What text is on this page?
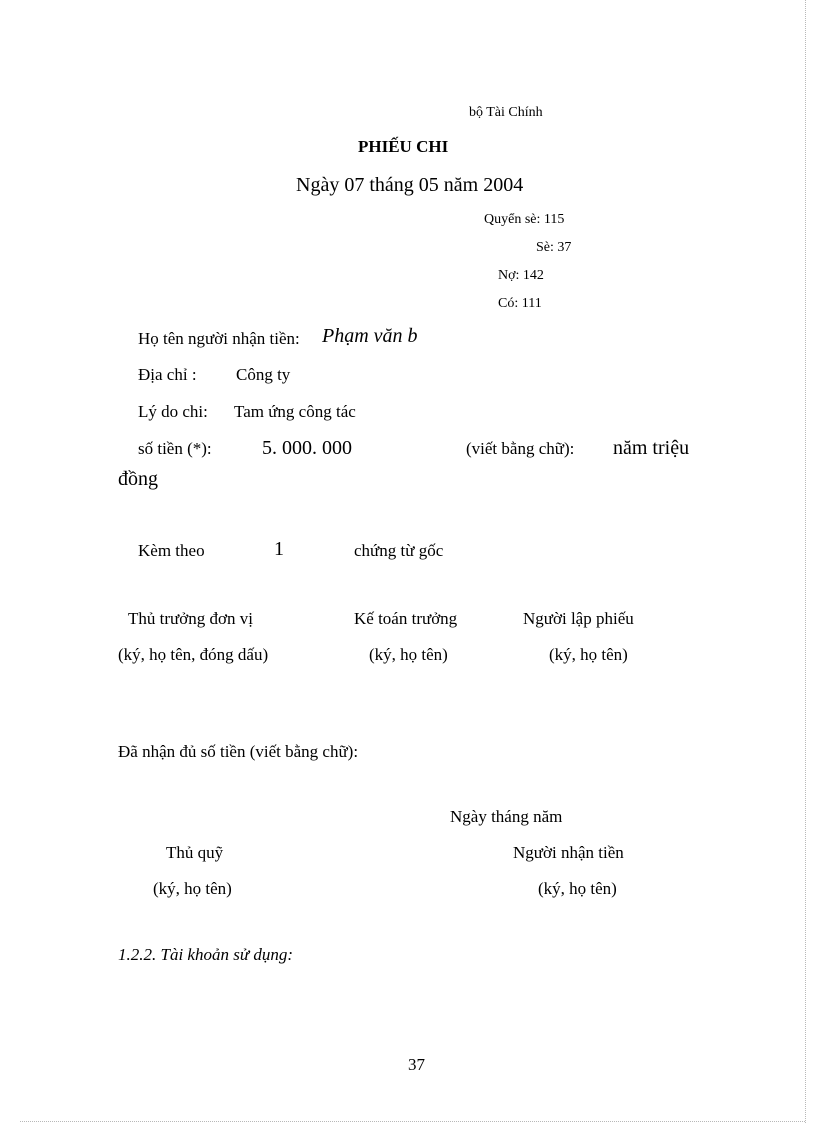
bộ Tài Chính
PHIẾU CHI
Ngày 07 tháng 05 năm 2004
Quyển sè: 115
Sè: 37
Nợ: 142
Có: 111
Họ tên người nhận tiền: Phạm văn b
Địa chỉ : Công ty
Lý do chi: Tam ứng công tác
số tiền (*):	5. 000. 000	(viết bằng chữ): năm triệu
đồng
Kèm theo	1	chứng từ gốc
Thủ trưởng đơn vị
(ký, họ tên, đóng dấu)
Kế toán trưởng
(ký, họ tên)
Người lập phiếu
(ký, họ tên)
Đã nhận đủ số tiền (viết bằng chữ):
Ngày tháng năm
Thủ quỹ
(ký, họ tên)
Người nhận tiền
(ký, họ tên)
1.2.2. Tài khoản sử dụng:
37
